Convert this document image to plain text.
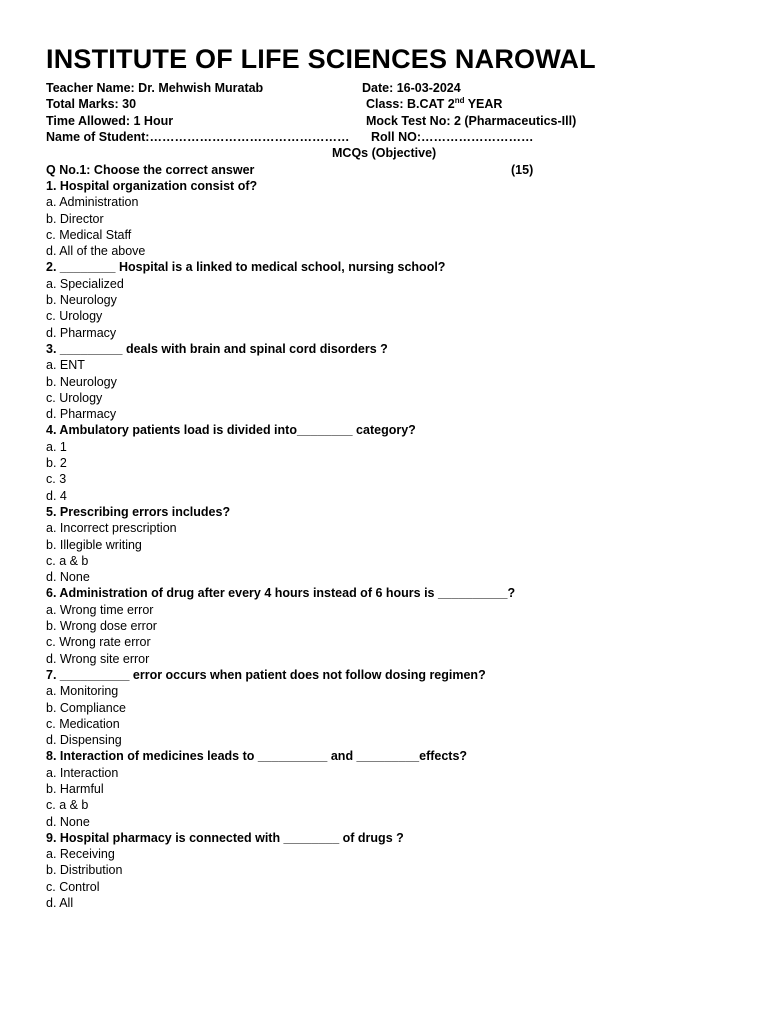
INSTITUTE OF LIFE SCIENCES NAROWAL
Teacher Name: Dr. Mehwish Muratab	Date: 16-03-2024
Total Marks: 30	Class: B.CAT 2nd YEAR
Time Allowed: 1 Hour	Mock Test No: 2 (Pharmaceutics-Ill)
Name of Student:………………………………………… Roll NO:………………………
MCQs (Objective)
Q No.1: Choose the correct answer	(15)
1. Hospital organization consist of?
a. Administration
b. Director
c. Medical Staff
d. All of the above
2. ________ Hospital is a linked to medical school, nursing school?
a. Specialized
b. Neurology
c. Urology
d. Pharmacy
3. _________ deals with brain and spinal cord disorders ?
a. ENT
b. Neurology
c. Urology
d. Pharmacy
4. Ambulatory patients load is divided into________ category?
a. 1
b. 2
c. 3
d. 4
5. Prescribing errors includes?
a. Incorrect prescription
b. Illegible writing
c. a & b
d. None
6. Administration of drug after every 4 hours instead of 6 hours is __________?
a. Wrong time error
b. Wrong dose error
c. Wrong rate error
d. Wrong site error
7. __________ error occurs when patient does not follow dosing regimen?
a. Monitoring
b. Compliance
c. Medication
d. Dispensing
8. Interaction of medicines leads to __________ and _________effects?
a. Interaction
b. Harmful
c. a & b
d. None
9. Hospital pharmacy is connected with ________ of drugs ?
a. Receiving
b. Distribution
c. Control
d. All
